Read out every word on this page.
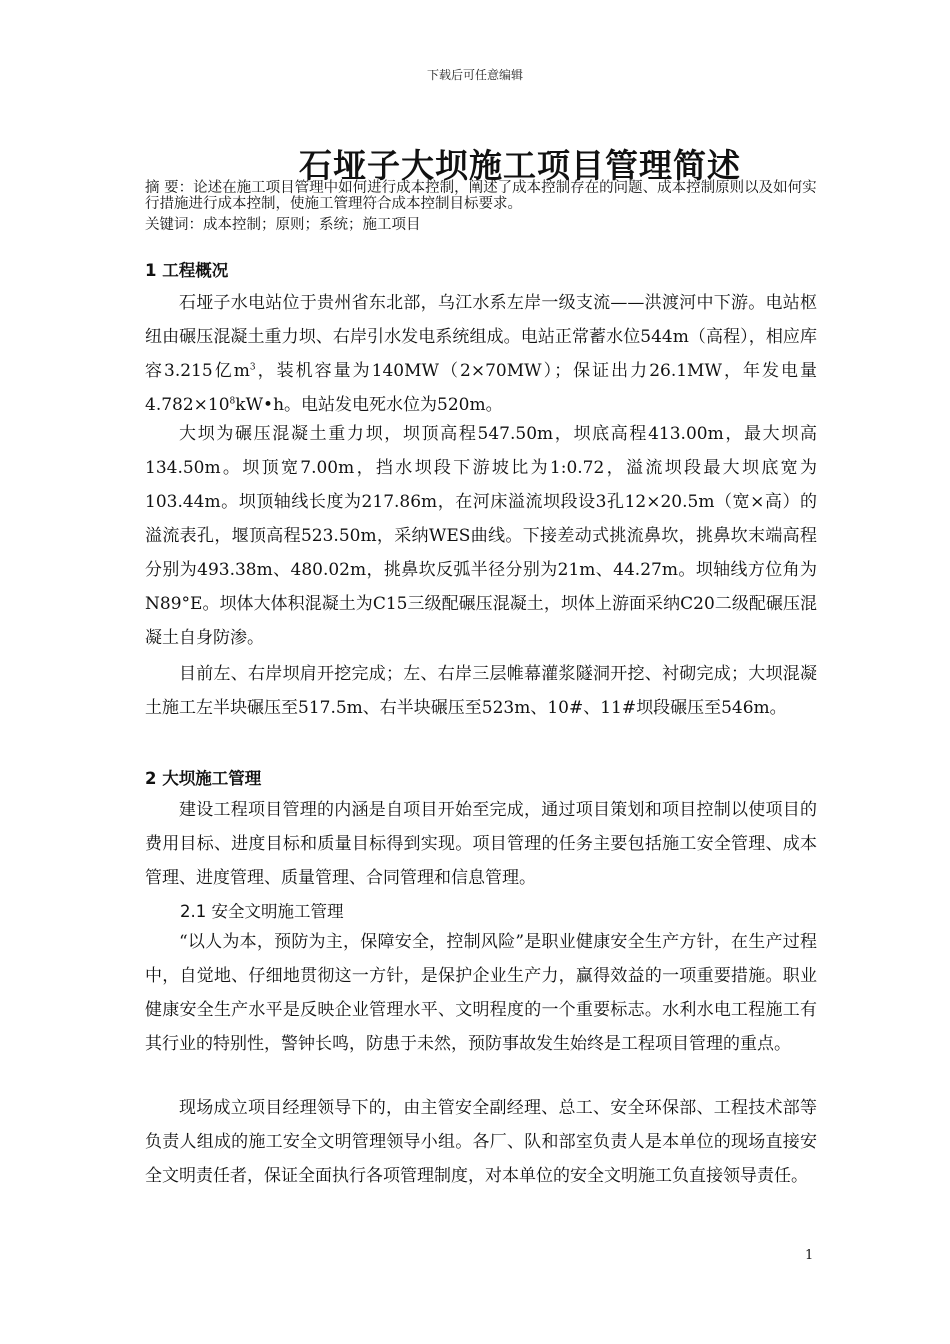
下载后可任意编辑
石垭子大坝施工项目管理简述
摘 要：论述在施工项目管理中如何进行成本控制，阐述了成本控制存在的问题、成本控制原则以及如何实行措施进行成本控制，使施工管理符合成本控制目标要求。
关键词：成本控制；原则；系统；施工项目
1 工程概况
石垭子水电站位于贵州省东北部，乌江水系左岸一级支流——洪渡河中下游。电站枢纽由碾压混凝土重力坝、右岸引水发电系统组成。电站正常蓄水位544m（高程），相应库容3.215亿$m^3$，装机容量为140MW（2×70MW）；保证出力26.1MW，年发电量$4.782\times 10^8kW•h$。电站发电死水位为520m。
大坝为碾压混凝土重力坝，坝顶高程547.50m，坝底高程413.00m，最大坝高134.50m。坝顶宽7.00m，挡水坝段下游坡比为1:0.72，溢流坝段最大坝底宽为103.44m。坝顶轴线长度为217.86m，在河床溢流坝段设3孔12×20.5m（宽×高）的溢流表孔，堰顶高程523.50m，采纳WES曲线。下接差动式挑流鼻坎，挑鼻坎末端高程分别为493.38m、480.02m，挑鼻坎反弧半径分别为21m、44.27m。坝轴线方位角为N89°E。坝体大体积混凝土为C15三级配碾压混凝土，坝体上游面采纳C20二级配碾压混凝土自身防渗。
目前左、右岸坝肩开挖完成；左、右岸三层帷幕灌浆隧洞开挖、衬砌完成；大坝混凝土施工左半块碾压至517.5m、右半块碾压至523m、10#、11#坝段碾压至546m。
2 大坝施工管理
建设工程项目管理的内涵是自项目开始至完成，通过项目策划和项目控制以使项目的费用目标、进度目标和质量目标得到实现。项目管理的任务主要包括施工安全管理、成本管理、进度管理、质量管理、合同管理和信息管理。
2.1 安全文明施工管理
“以人为本，预防为主，保障安全，控制风险”是职业健康安全生产方针，在生产过程中，自觉地、仔细地贯彻这一方针，是保护企业生产力，赢得效益的一项重要措施。职业健康安全生产水平是反映企业管理水平、文明程度的一个重要标志。水利水电工程施工有其行业的特别性，警钟长鸣，防患于未然，预防事故发生始终是工程项目管理的重点。
现场成立项目经理领导下的，由主管安全副经理、总工、安全环保部、工程技术部等负责人组成的施工安全文明管理领导小组。各厂、队和部室负责人是本单位的现场直接安全文明责任者，保证全面执行各项管理制度，对本单位的安全文明施工负直接领导责任。
1
